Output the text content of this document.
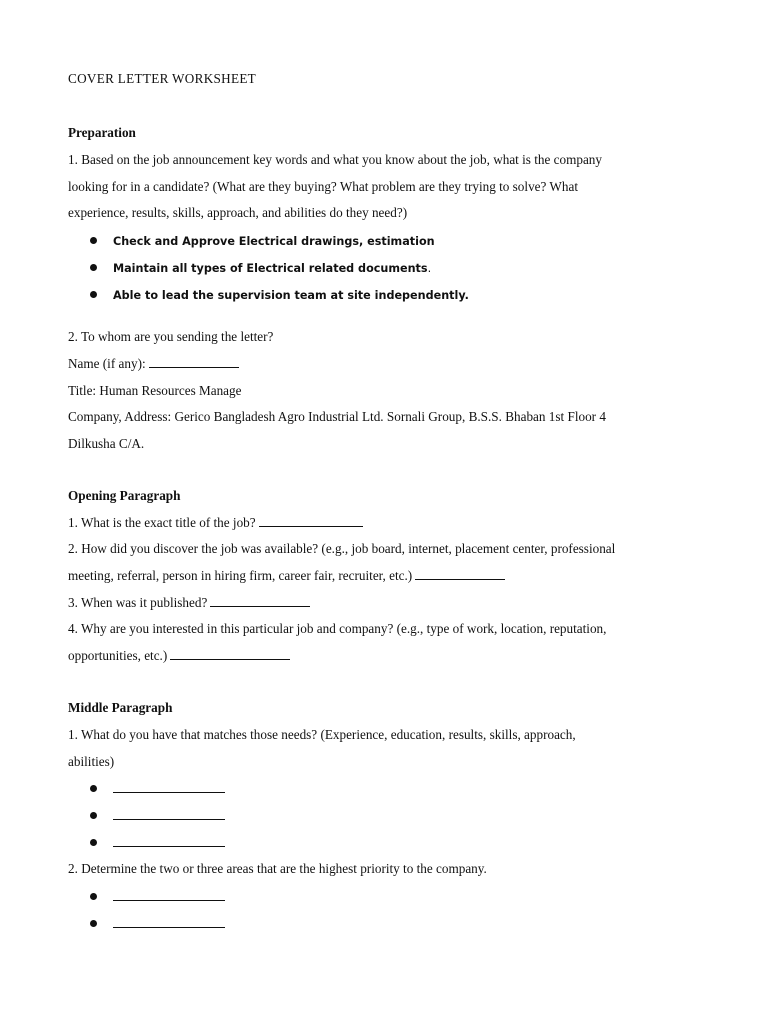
COVER LETTER WORKSHEET
Preparation
1. Based on the job announcement key words and what you know about the job, what is the company
looking for in a candidate? (What are they buying? What problem are they trying to solve? What
experience, results, skills, approach, and abilities do they need?)
Check and Approve Electrical drawings, estimation
Maintain all types of Electrical related documents.
Able to lead the supervision team at site independently.
2. To whom are you sending the letter?
Name (if any):
Title: Human Resources Manage
Company, Address: Gerico Bangladesh Agro Industrial Ltd. Sornali Group, B.S.S. Bhaban 1st Floor 4
Dilkusha C/A.
Opening Paragraph
1. What is the exact title of the job?
2. How did you discover the job was available? (e.g., job board, internet, placement center, professional
meeting, referral, person in hiring firm, career fair, recruiter, etc.)
3. When was it published?
4. Why are you interested in this particular job and company? (e.g., type of work, location, reputation,
opportunities, etc.)
Middle Paragraph
1. What do you have that matches those needs? (Experience, education, results, skills, approach,
abilities)
2. Determine the two or three areas that are the highest priority to the company.
